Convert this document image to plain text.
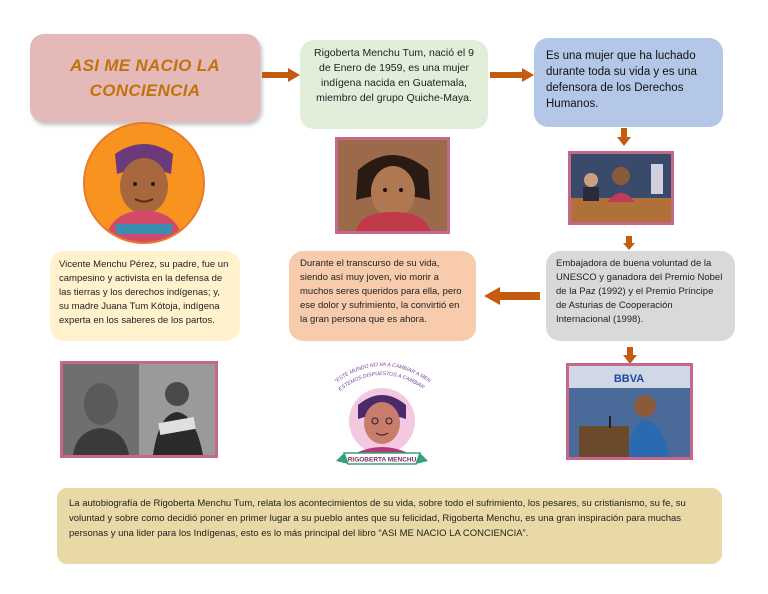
ASI ME NACIO LA
CONCIENCIA
Rigoberta Menchu Tum, nació el 9 de Enero de 1959, es una mujer indígena nacida en Guatemala, miembro del grupo Quiche-Maya.
Es una mujer que ha luchado durante toda su vida y es una defensora de los Derechos Humanos.
Vicente Menchu Pérez, su padre, fue un campesino y activista en la defensa de las tierras y los derechos indígenas; y, su madre Juana Tum Kótoja, indígena experta en los saberes de los partos.
Durante el transcurso de su vida, siendo así muy joven, vio morir a muchos seres queridos para ella, pero ese dolor y sufrimiento, la convirtió en la gran persona que es ahora.
Embajadora de buena voluntad de la UNESCO y ganadora del Premio Nobel de la Paz (1992) y el Premio Príncipe de Asturias de Cooperación Internacional (1998).
"ESTE MUNDO NO VA A CAMBIAR A MEN
ESTEMOS DISPUESTOS A CAMBIAR
RIGOBERTA MENCHU
BBVA
La autobiografía de Rigoberta Menchu Tum, relata los acontecimientos de su vida, sobre todo el sufrimiento, los pesares, su cristianismo, su fe, su voluntad y sobre como decidió poner en primer lugar a su pueblo antes que su felicidad, Rigoberta Menchu, es una gran inspiración para muchas personas y una lider para los Indígenas, esto es lo más principal del libro “ASI ME NACIO LA CONCIENCIA”.
